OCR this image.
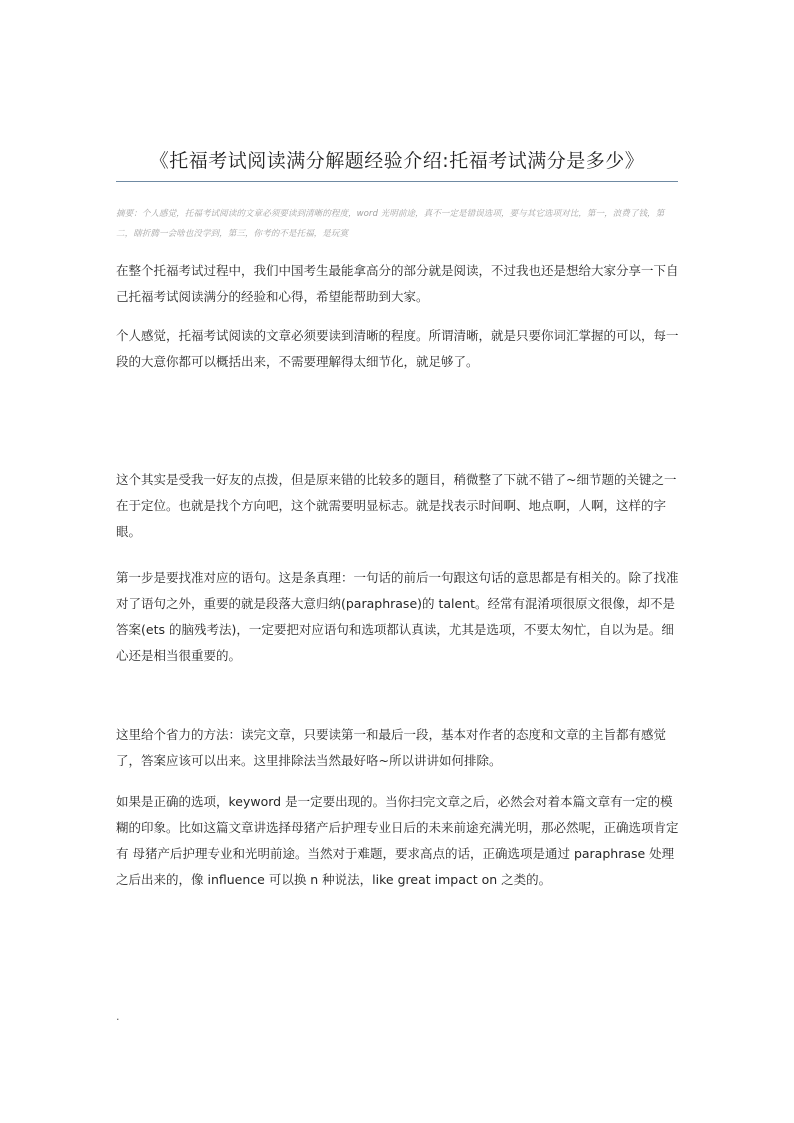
《托福考试阅读满分解题经验介绍:托福考试满分是多少》

摘要：个人感觉，托福考试阅读的文章必须要读到清晰的程度，word 光明前途，真不一定是错误选项，要与其它选项对比，第一，浪费了钱，第二，瞎折腾一会啥也没学到，第三，你考的不是托福，是玩寞

在整个托福考试过程中，我们中国考生最能拿高分的部分就是阅读，不过我也还是想给大家分享一下自己托福考试阅读满分的经验和心得，希望能帮助到大家。

个人感觉，托福考试阅读的文章必须要读到清晰的程度。所谓清晰，就是只要你词汇掌握的可以，每一段的大意你都可以概括出来，不需要理解得太细节化，就足够了。

这个其实是受我一好友的点拨，但是原来错的比较多的题目，稍微整了下就不错了~细节题的关键之一在于定位。也就是找个方向吧，这个就需要明显标志。就是找表示时间啊、地点啊，人啊，这样的字眼。

第一步是要找准对应的语句。这是条真理：一句话的前后一句跟这句话的意思都是有相关的。除了找准对了语句之外，重要的就是段落大意归纳(paraphrase)的 talent。经常有混淆项很原文很像，却不是答案(ets 的脑残考法)，一定要把对应语句和选项都认真读，尤其是选项，不要太匆忙，自以为是。细心还是相当很重要的。

这里给个省力的方法：读完文章，只要读第一和最后一段，基本对作者的态度和文章的主旨都有感觉了，答案应该可以出来。这里排除法当然最好咯~所以讲讲如何排除。

如果是正确的选项，keyword 是一定要出现的。当你扫完文章之后，必然会对着本篇文章有一定的模糊的印象。比如这篇文章讲选择母猪产后护理专业日后的未来前途充满光明，那必然呢，正确选项肯定有 母猪产后护理专业和光明前途。当然对于难题，要求高点的话，正确选项是通过 paraphrase 处理之后出来的，像 influence 可以换 n 种说法，like great impact on 之类的。

.
